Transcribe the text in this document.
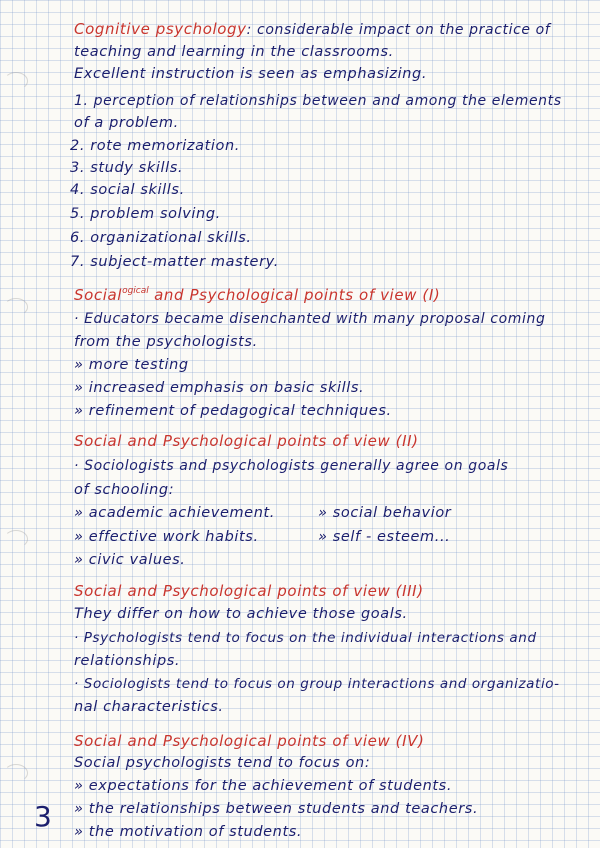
Cognitive psychology: considerable impact on the practice of
teaching and learning in the classrooms.
Excellent instruction is seen as emphasizing.
1. perception of relationships between and among the elements
of a problem.
2. rote memorization.
3. study skills.
4. social skills.
5. problem solving.
6. organizational skills.
7. subject-matter mastery.
Social$^{ogical}$ and Psychological points of view (I)
· Educators became disenchanted with many proposal coming
from the psychologists.
» more testing
» increased emphasis on basic skills.
» refinement of pedagogical techniques.
Social and Psychological points of view (II)
· Sociologists and psychologists generally agree on goals
of schooling:
» academic achievement.	» social behavior
» effective work habits.	» self - esteem...
» civic values.
Social and Psychological points of view (III)
They differ on how to achieve those goals.
· Psychologists tend to focus on the individual interactions and
relationships.
· Sociologists tend to focus on group interactions and organizatio-
nal characteristics.
Social and Psychological points of view (IV)
Social psychologists tend to focus on:
» expectations for the achievement of students.
» the relationships between students and teachers.
» the motivation of students.
3
